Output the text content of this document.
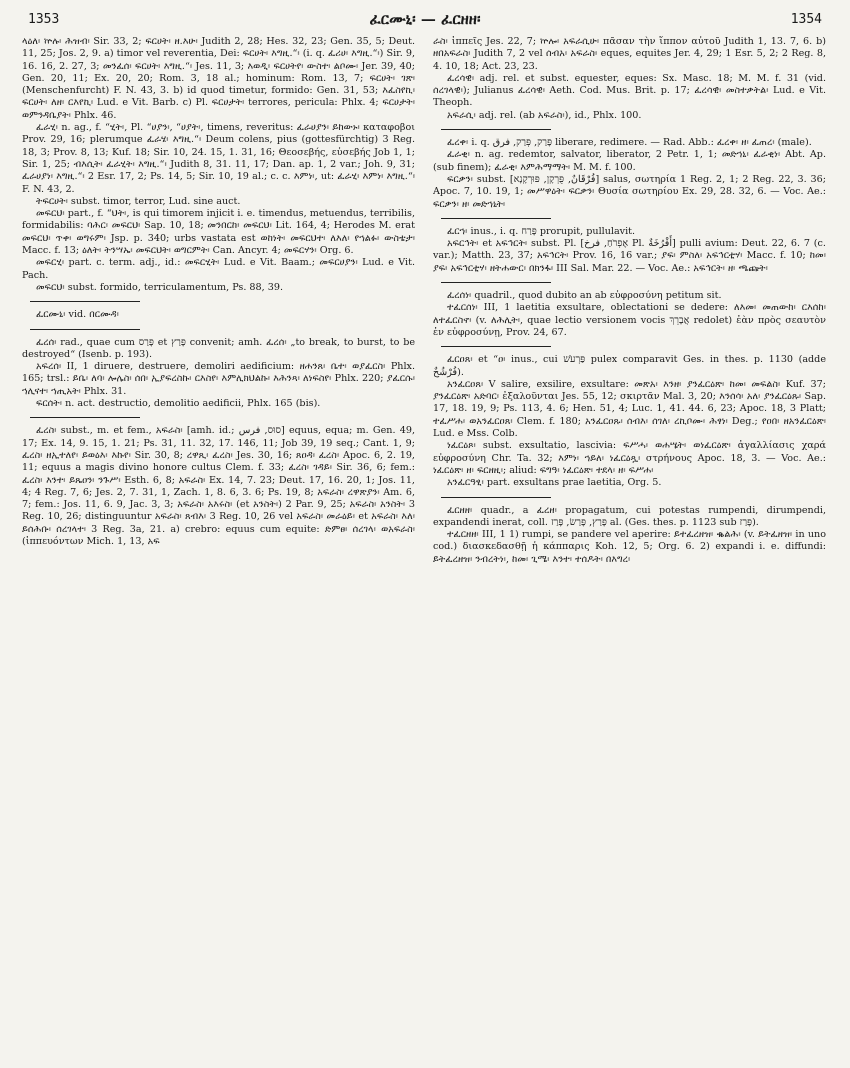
1353	ፈርሙኒ፡ — ፈርዘዘ፡	1354

ላዕለ፡ ኵሉ፡ ሕዝብ፡ Sir. 33, 2; ፍርሀት፡ ዘ.እሁ፡ Judith 2, 28; Hes. 32, 23; Gen. 35, 5; Deut. 11, 25; Jos. 2, 9. a) timor vel reverentia, Dei: ፍርሀት፡ እግዚ.“፡ (i. q. ፈሪሀ፡ እግዚ.“፡) Sir. 9, 16. 16, 2. 27, 3; መንፈሰ፡ ፍርሀት፡ እግዚ.“፡ Jes. 11, 3; እወዲ፡ ፍርሀትየ፡ ውስተ፡ ልቦሙ፡ Jer. 39, 40; Gen. 20, 11; Ex. 20, 20; Rom. 3, 18 al.; hominum: Rom. 13, 7; ፍርሀት፡ ገጽ፡ (Menschenfurcht) F. N. 43, 3. b) id quod timetur, formido: Gen. 31, 53; እፈስየኪ፡ ፍርሀት፡ ለዘ፡ ርእየኪ፡ Lud. e Vit. Barb. c) Pl. ፍርሀታት፡ terrores, pericula: Phlx. 4; ፍርሀታት፡ ወምንዳቤያት፡ Phlx. 46.

ፈራሂ፡ n. ag., f. “ሂት፡, Pl. “ሀያን፡, “ሀያት፡, timens, reveritus: ፈራሀያን፡ ይከውኑ፡ καταφοβοι Prov. 29, 16; plerumque ፈራሄ፡ እግዚ.“፡ Deum colens, pius (gottesfürchtig) 3 Reg. 18, 3; Prov. 8, 13; Kuf. 18; Sir. 10, 24. 15, 1. 31, 16; Θεοσεβής, εὐσεβής Job 1, 1; Sir. 1, 25; ብእሲት፡ ፈራሂት፡ እግዚ.“፡ Judith 8, 31. 11, 17; Dan. ap. 1, 2 var.; Joh. 9, 31; ፈራሀያነ፡ እግዚ.“፡ 2 Esr. 17, 2; Ps. 14, 5; Sir. 10, 19 al.; c. c. እምነ፡, ut: ፈራሂ፡ እምነ፡ እግዚ.“፡ F. N. 43, 2.

ትፍርሀት፡ subst. timor, terror, Lud. sine auct.

መፍርህ፡ part., f. “ህት፡, is qui timorem injicit i. e. timendus, metuendus, terribilis, formidabilis: ባሕር፡ መፍርህ፡ Sap. 10, 18; መንበርከ፡ መፍርህ፡ Lit. 164, 4; Herodes M. erat መፍርህ፡ ጥቀ፡ ወግሩም፡ Jsp. p. 340; urbs vastata est ወከነት፡ መፍርህተ፡ ለእለ፡ የኀልፉ፡ ውስቴታ፡ Macc. f. 13; ዕለት፡ ትንሣኤ፡ መፍርህት፡ ወግርምት፡ Can. Ancyr. 4; መፍርሃን፡ Org. 6.

መፍርሂ፡ part. c. term. adj., id.: መፍርሂት፡ Lud. e Vit. Baam.; መፍርሀያን፡ Lud. e Vit. Pach.

መፍርህ፡ subst. formido, terriculamentum, Ps. 88, 39.

ፈርሙኒ፡ vid. በርሙዳ፡

ፈረሰ፡ rad., quae cum פָּרַס et פָּרַץ convenit; amh. ፈረሰ፡ „to break, to burst, to be destroyed“ (Isenb. p. 193).

አፍረሰ፡ II, 1 diruere, destruere, demoliri aedificium: ዘሐንጸ፡ ቤተ፡ ወያፈርስ፡ Phlx. 165; trsl.: ይቤ፡ ለባ፡ ሎሌስ፡ ሰበ፡ ኢያፍረስኩ፡ ርእስየ፡ እምሊክህልኩ፡ እሕንጻ፡ ለነፍስየ፡ Phlx. 220; ያፈርሱ፡ ኀሊናተ፡ ኀጢአት፡ Phlx. 31.

ፍርሰት፡ n. act. destructio, demolitio aedificii, Phlx. 165 (bis).

ፈረስ፡ subst., m. et fem., አፍራስ፡ [amh. id.; סוּס, فرس] equus, equa; m. Gen. 49, 17; Ex. 14, 9. 15, 1. 21; Ps. 31, 11. 32, 17. 146, 11; Job 39, 19 seq.; Cant. 1, 9; ፈረስ፡ ዘኢተለየ፡ ይወዕእ፡ እኩየ፡ Sir. 30, 8; ረዋጺ፡ ፈረስ፡ Jes. 30, 16; ጸዐዳ፡ ፈረስ፡ Apoc. 6, 2. 19, 11; equus a magis divino honore cultus Clem. f. 33; ፈረስ፡ ገዳይ፡ Sir. 36, 6; fem.: ፈረስ፡ እንተ፡ ይጼዐን፡ ንጉሥ፡ Esth. 6, 8; አፍራስ፡ Ex. 14, 7. 23; Deut. 17, 16. 20, 1; Jos. 11, 4; 4 Reg. 7, 6; Jes. 2, 7. 31, 1, Zach. 1, 8. 6, 3. 6; Ps. 19, 8; አፍራስ፡ ረዋጽያን፡ Am. 6, 7; fem.: Jos. 11, 6. 9, Jac. 3, 3; አፍራስ፡ አእሩስ፡ (et አንስት፡) 2 Par. 9, 25; አፍራስ፡ አንስት፡ 3 Reg. 10, 26; distinguuntur አፍራስ፡ ጸብእ፡ 3 Reg. 10, 26 vel አፍራስ፡ መራዕይ፡ et አፍራስ፡ እለ፡ ይሰሕቡ፡ ሰረገላተ፡ 3 Reg. 3a, 21. a) crebro: equus cum equite: ድምፀ፡ ሰረገላ፡ ወአፍራስ፡ (ἱππευόντων Mich. 1, 13, አፍ

ራስ፡ ἱππεῖς Jes. 22, 7; ኵሎ፡ አፍራሲሁ፡ πᾶσαν τὴν ἵππον αὐτοῦ Judith 1, 13. 7, 6. b) ዘበአፍራስ፡ Judith 7, 2 vel ሰብአ፡ አፍራስ፡ eques, equites Jer. 4, 29; 1 Esr. 5, 2; 2 Reg. 8, 4. 10, 18; Act. 23, 23.

ፈረሳዊ፡ adj. rel. et subst. equester, eques: Sx. Masc. 18; M. M. f. 31 (vid. ሰረገላዊ፡); Julianus ፈረሳዊ፡ Aeth. Cod. Mus. Brit. p. 17; ፈረሳዊ፡ መስተቃትል፡ Lud. e Vit. Theoph.

አፍራሲ፡ adj. rel. (ab አፍራስ፡), id., Phlx. 100.

ፈረቀ፡ i. q. פָּרַק, פְּרַק, فرق liberare, redimere. — Rad. Abb.: ፈረቀ፡ ዘ፡ ፈጠረ፡ (male).

ፈራቂ፡ n. ag. redemtor, salvator, liberator, 2 Petr. 1, 1; መድኀኒ፡ ፈራቂነ፡ Abt. Ap. (sub finem); ፈራቂ፡ እምሕማማት፡ M. M. f. 100.

ፍርቃን፡ subst. [فُرْقَانٌ, פֻּרְקָן, פּוּרְקָנָא] salus, σωτηρία 1 Reg. 2, 1; 2 Reg. 22, 3. 36; Apoc. 7, 10. 19, 1; መሥዋዕት፡ ፍርቃን፡ Θυσία σωτηρίου Ex. 29, 28. 32, 6. — Voc. Ae.: ፍርቃን፡ ዘ፡ መድኀኒት፡

ፈርኀ፡ inus., i. q. פָּרַח prorupit, pullulavit.

አፍርኅት፡ et አፍኅርት፡ subst. Pl. [אֶפְרֹחַ, فرخ Pl. أَفْرُخَةٌ] pulli avium: Deut. 22, 6. 7 (c. var.); Matth. 23, 37; አፍኅርት፡ Prov. 16, 16 var.; ያፍ፡ ምስለ፡ አፍኅርቲሃ፡ Macc. f. 10; ከመ፡ ያፍ፡ አፍኅርቲሃ፡ ዘትሐውር፡ በክንፋ፡ III Sal. Mar. 22. — Voc. Ae.: አፍኅርት፡ ዘ፡ ጫጩት፡

ፈረሰነ፡ quadril., quod dubito an ab εὐφροσύνη petitum sit.

ተፈርሰነ፡ III, 1 laetitia exsultare, oblectationi se dedere: ለእመ፡ መጠውከ፡ ርእሰከ፡ ለተፈርስኖ፡ (v. ለሕሊት፡, quae lectio versionem vocis אֲבָרֵךְ redolet) ἐὰν πρὸς σεαυτὸν ἐν εὐφροσύνῃ, Prov. 24, 67.

ፈርዐጸ፡ et “ዐ፡ inus., cui פַּרְעֹשׁ pulex comparavit Ges. in thes. p. 1130 (adde فُرْشُخٌ).

አንፈርዐጸ፡ V salire, exsilire, exsultare: መጽአ፡ እንዘ፡ ያንፈርዕጽ፡ ከመ፡ መፍልስ፡ Kuf. 37; ያንፈርዕጽ፡ አድባር፡ ἐξαλοῦνται Jes. 55, 12; σκιρτᾶν Mal. 3, 20; እንሰሳ፡ አለ፡ ያንፈርዕጹ፡ Sap. 17, 18. 19, 9; Ps. 113, 4. 6; Hen. 51, 4; Luc. 1, 41. 44. 6, 23; Apoc. 18, 3 Platt; ተፈሥሐ፡ ወአንፈርዐጸ፡ Clem. f. 180; አንፈርዐጹ፡ ሰብእ፡ ሰገለ፡ ረኪቦሙ፡ ሕፃነ፡ Deg.; የዐበ፡ ዘአንፈርዕጽ፡ Lud. e Mss. Colb.

ነፈርዕጾ፡ subst. exsultatio, lascivia: ፍሥሓ፡ ወሐሤት፡ ወነፈርዕጽ፡ ἀγαλλίασις χαρά εὐφροσύνη Chr. Ta. 32; እምነ፡ ኀይለ፡ ነፈርዕጿ፡ στρήνους Apoc. 18, 3. — Voc. Ae.: ነፈርዕጽ፡ ዘ፡ ፍርዘዚ፡; aliud: ፍግዓ፡ ነፈርዕጽ፡ ተደላ፡ ዘ፡ ፍሥሐ፡

አንፈርዓፂ፡ part. exsultans prae laetitia, Org. 5.

ፈርዘዘ፡ quadr., a ፈረዘ፡ propagatum, cui potestas rumpendi, dirumpendi, expandendi inerat, coll. פָּרַץ, פָּרַשׂ, פָּרַז al. (Ges. thes. p. 1123 sub פָּרַז).

ተፈርዘዘ፡ III, 1 1) rumpi, se pandere vel aperire: ይተፈረዘዝ፡ ቈልሕ፡ (v. ይትፈዘዝ፡ in uno cod.) διασκεδασθῇ ἡ κάππαρις Koh. 12, 5; Org. 6. 2) expandi i. e. diffundi: ይትፈረዘዝ፡ ንብረትነ፡, ከመ፡ ጊሜ፡ እንተ፡ ተሰዶት፡ በእግረ፡
